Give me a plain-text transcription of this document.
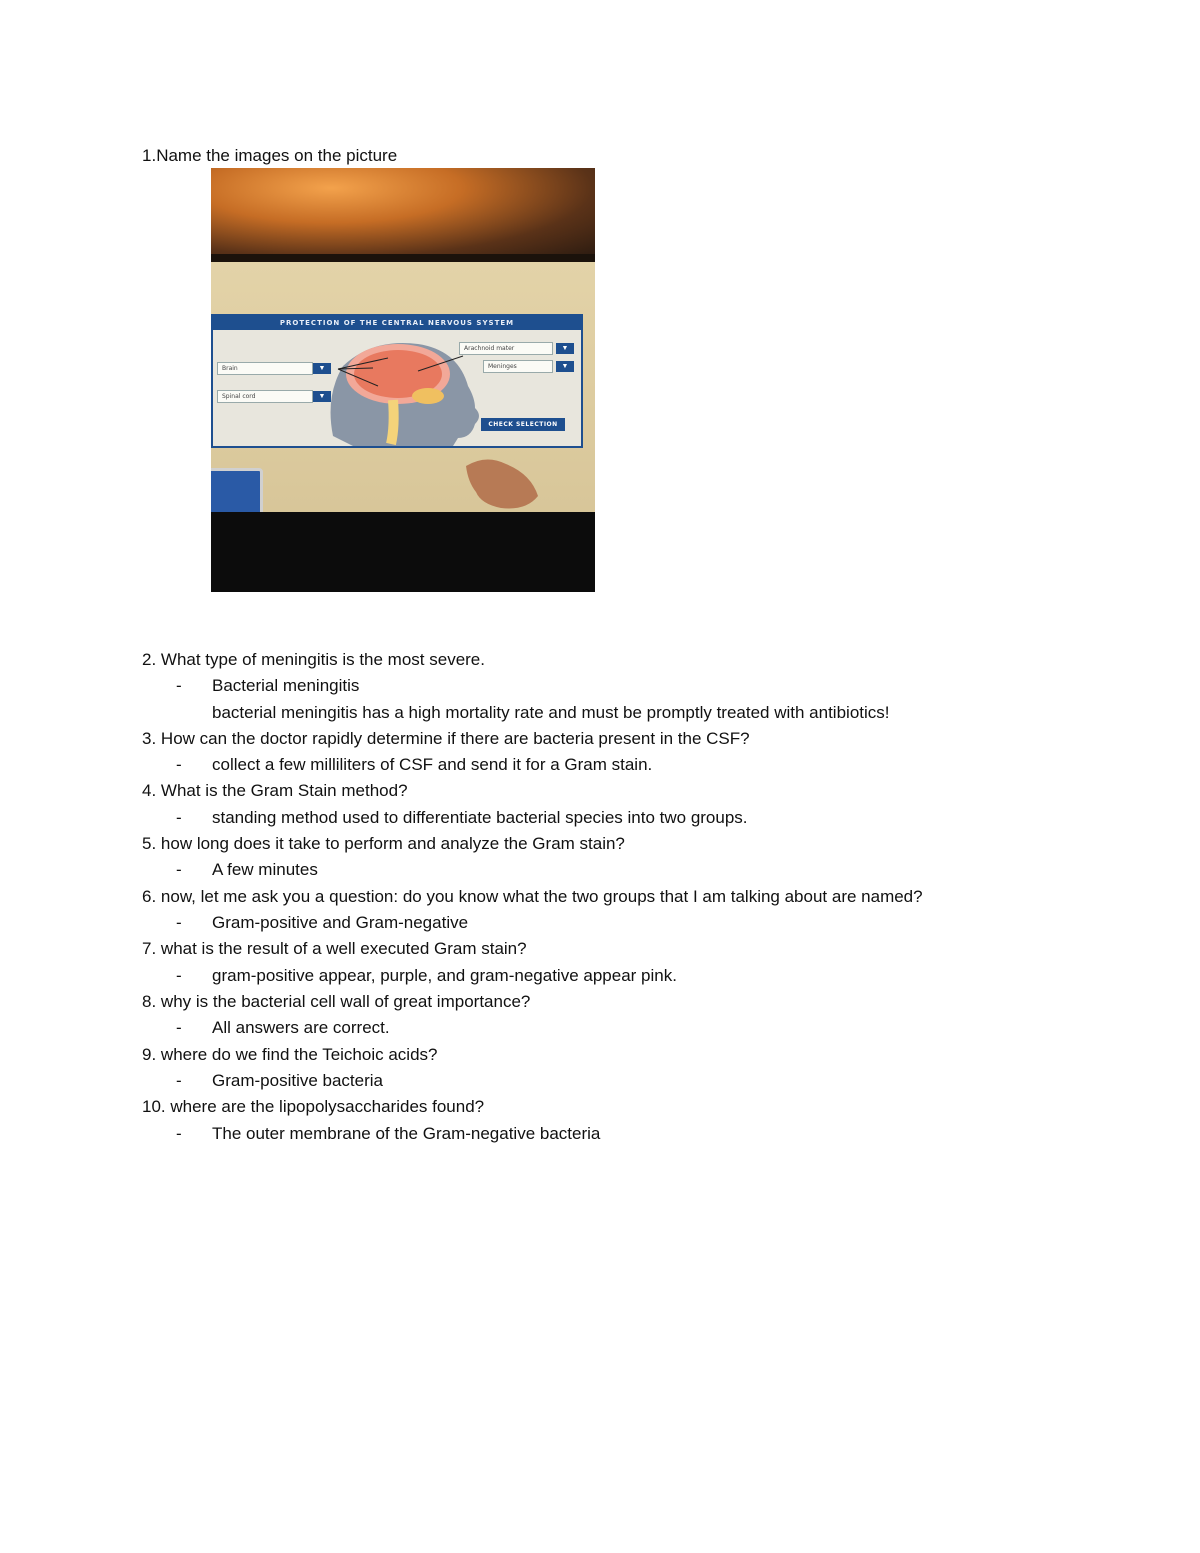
1.Name the images on the picture
PROTECTION OF THE CENTRAL NERVOUS SYSTEM
Brain	▼
Spinal cord	▼
Arachnoid mater	▼
Meninges	▼
CHECK SELECTION
2. What type of meningitis is the most severe.
- Bacterial meningitis
bacterial meningitis has a high mortality rate and must be promptly treated with antibiotics!
3. How can the doctor rapidly determine if there are bacteria present in the CSF?
- collect a few milliliters of CSF and send it for a Gram stain.
4. What is the Gram Stain method?
- standing method used to differentiate bacterial species into two groups.
5. how long does it take to perform and analyze the Gram stain?
- A few minutes
6. now, let me ask you a question: do you know what the two groups that I am talking about are named?
- Gram-positive and Gram-negative
7. what is the result of a well executed Gram stain?
- gram-positive appear, purple, and gram-negative appear pink.
8. why is the bacterial cell wall of great importance?
- All answers are correct.
9. where do we find the Teichoic acids?
- Gram-positive bacteria
10. where are the lipopolysaccharides found?
- The outer membrane of the Gram-negative bacteria
